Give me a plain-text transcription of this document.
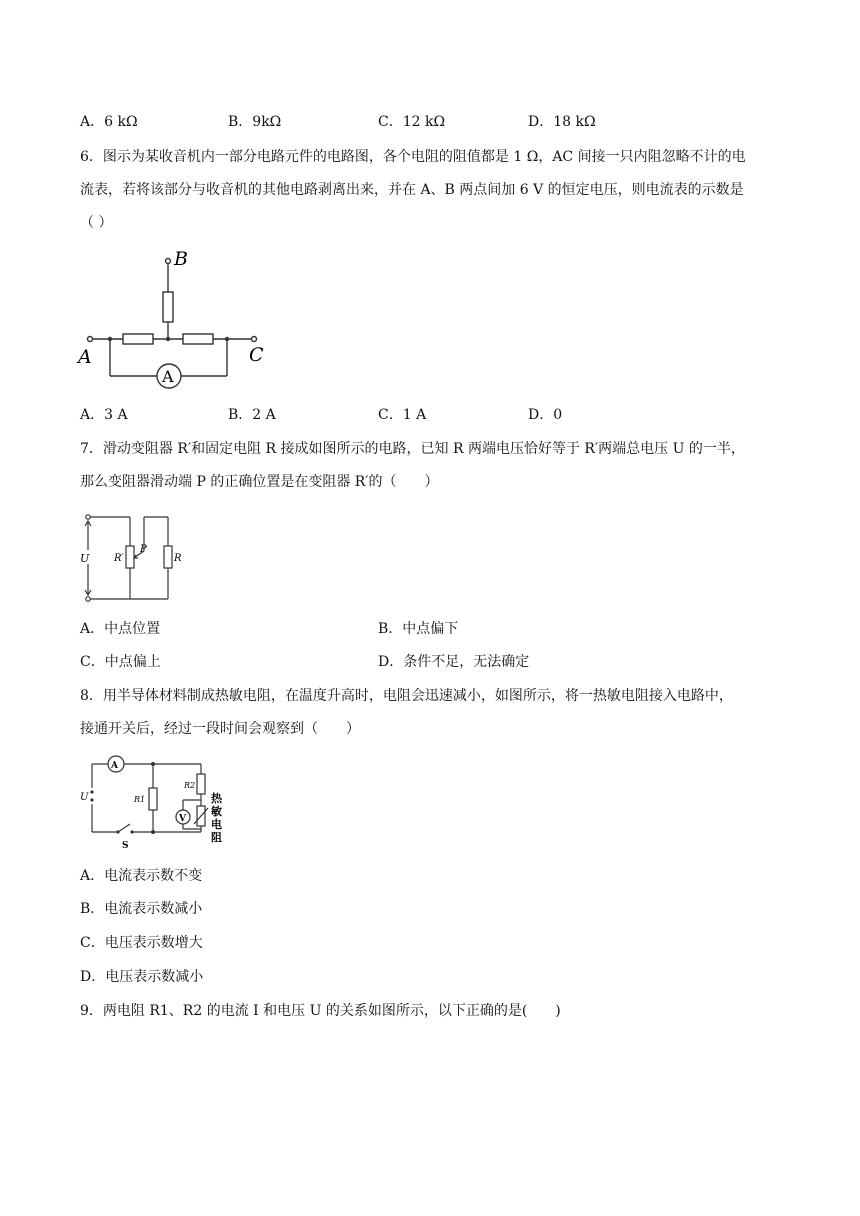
A．6 kΩ	B．9kΩ	C．12 kΩ	D．18 kΩ
6．图示为某收音机内一部分电路元件的电路图，各个电阻的阻值都是 1 Ω，AC 间接一只内阻忽略不计的电
流表，若将该部分与收音机的其他电路剥离出来，并在 A、B 两点间加 6 V 的恒定电压，则电流表的示数是
（ ）
B
A	C
A
A．3 A	B．2 A	C．1 A	D．0
7．滑动变阻器 R′和固定电阻 R 接成如图所示的电路，已知 R 两端电压恰好等于 R′两端总电压 U 的一半，
那么变阻器滑动端 P 的正确位置是在变阻器 R′的（　　）
U R′
P
R
A．中点位置	B．中点偏下
C．中点偏上	D．条件不足，无法确定
8．用半导体材料制成热敏电阻，在温度升高时，电阻会迅速减小，如图所示，将一热敏电阻接入电路中，
接通开关后，经过一段时间会观察到（　　）
A
U	R1
R2
V
S
热
敏
电
阻
A．电流表示数不变
B．电流表示数减小
C．电压表示数增大
D．电压表示数减小
9．两电阻 R1、R2 的电流 I 和电压 U 的关系如图所示，以下正确的是(　　)
